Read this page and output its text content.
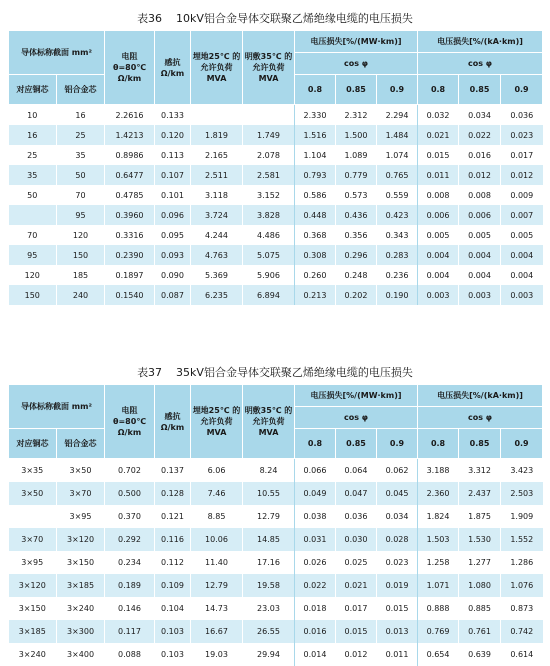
表36    10kV铝合金导体交联聚乙烯绝缘电缆的电压损失
导体标称截面 mm²		电阻 θ=80℃ Ω/km	感抗 Ω/km	埋地25℃ 的允许负荷 MVA	明敷35℃ 的允许负荷 MVA	电压损失[%/(MW·km)]			电压损失[%/(kA·km)]		
						cos φ			cos φ		
对应铜芯	铝合金芯					0.8	0.85	0.9	0.8	0.85	0.9
10	16	2.2616	0.133			2.330	2.312	2.294	0.032	0.034	0.036
16	25	1.4213	0.120	1.819	1.749	1.516	1.500	1.484	0.021	0.022	0.023
25	35	0.8986	0.113	2.165	2.078	1.104	1.089	1.074	0.015	0.016	0.017
35	50	0.6477	0.107	2.511	2.581	0.793	0.779	0.765	0.011	0.012	0.012
50	70	0.4785	0.101	3.118	3.152	0.586	0.573	0.559	0.008	0.008	0.009
	95	0.3960	0.096	3.724	3.828	0.448	0.436	0.423	0.006	0.006	0.007
70	120	0.3316	0.095	4.244	4.486	0.368	0.356	0.343	0.005	0.005	0.005
95	150	0.2390	0.093	4.763	5.075	0.308	0.296	0.283	0.004	0.004	0.004
120	185	0.1897	0.090	5.369	5.906	0.260	0.248	0.236	0.004	0.004	0.004
150	240	0.1540	0.087	6.235	6.894	0.213	0.202	0.190	0.003	0.003	0.003
表37    35kV铝合金导体交联聚乙烯绝缘电缆的电压损失
导体标称截面 mm²		电阻 θ=80℃ Ω/km	感抗 Ω/km	埋地25℃ 的允许负荷 MVA	明敷35℃ 的允许负荷 MVA	电压损失[%/(MW·km)]			电压损失[%/(kA·km)]		
						cos φ			cos φ		
对应铜芯	铝合金芯					0.8	0.85	0.9	0.8	0.85	0.9
3×35	3×50	0.702	0.137	6.06	8.24	0.066	0.064	0.062	3.188	3.312	3.423
3×50	3×70	0.500	0.128	7.46	10.55	0.049	0.047	0.045	2.360	2.437	2.503
	3×95	0.370	0.121	8.85	12.79	0.038	0.036	0.034	1.824	1.875	1.909
3×70	3×120	0.292	0.116	10.06	14.85	0.031	0.030	0.028	1.503	1.530	1.552
3×95	3×150	0.234	0.112	11.40	17.16	0.026	0.025	0.023	1.258	1.277	1.286
3×120	3×185	0.189	0.109	12.79	19.58	0.022	0.021	0.019	1.071	1.080	1.076
3×150	3×240	0.146	0.104	14.73	23.03	0.018	0.017	0.015	0.888	0.885	0.873
3×185	3×300	0.117	0.103	16.67	26.55	0.016	0.015	0.013	0.769	0.761	0.742
3×240	3×400	0.088	0.103	19.03	29.94	0.014	0.012	0.011	0.654	0.639	0.614
